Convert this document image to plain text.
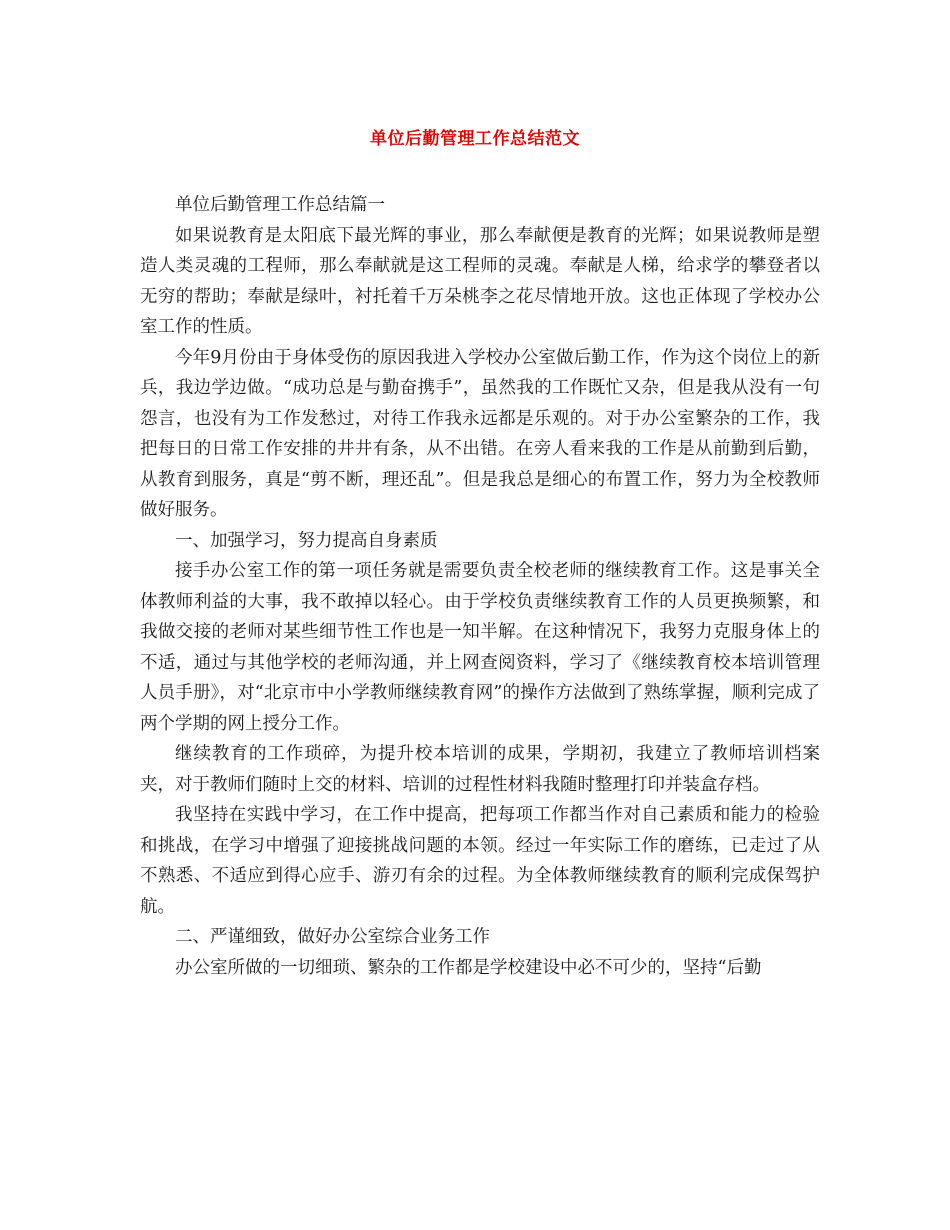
单位后勤管理工作总结范文

单位后勤管理工作总结篇一

如果说教育是太阳底下最光辉的事业，那么奉献便是教育的光辉；如果说教师是塑造人类灵魂的工程师，那么奉献就是这工程师的灵魂。奉献是人梯，给求学的攀登者以无穷的帮助；奉献是绿叶，衬托着千万朵桃李之花尽情地开放。这也正体现了学校办公室工作的性质。

今年9月份由于身体受伤的原因我进入学校办公室做后勤工作，作为这个岗位上的新兵，我边学边做。“成功总是与勤奋携手”，虽然我的工作既忙又杂，但是我从没有一句怨言，也没有为工作发愁过，对待工作我永远都是乐观的。对于办公室繁杂的工作，我把每日的日常工作安排的井井有条，从不出错。在旁人看来我的工作是从前勤到后勤，从教育到服务，真是“剪不断，理还乱”。但是我总是细心的布置工作，努力为全校教师做好服务。

一、加强学习，努力提高自身素质

接手办公室工作的第一项任务就是需要负责全校老师的继续教育工作。这是事关全体教师利益的大事，我不敢掉以轻心。由于学校负责继续教育工作的人员更换频繁，和我做交接的老师对某些细节性工作也是一知半解。在这种情况下，我努力克服身体上的不适，通过与其他学校的老师沟通，并上网查阅资料，学习了《继续教育校本培训管理人员手册》，对“北京市中小学教师继续教育网”的操作方法做到了熟练掌握，顺利完成了两个学期的网上授分工作。

继续教育的工作琐碎，为提升校本培训的成果，学期初，我建立了教师培训档案夹，对于教师们随时上交的材料、培训的过程性材料我随时整理打印并装盒存档。

我坚持在实践中学习，在工作中提高，把每项工作都当作对自己素质和能力的检验和挑战，在学习中增强了迎接挑战问题的本领。经过一年实际工作的磨练，已走过了从不熟悉、不适应到得心应手、游刃有余的过程。为全体教师继续教育的顺利完成保驾护航。

二、严谨细致，做好办公室综合业务工作

办公室所做的一切细琐、繁杂的工作都是学校建设中必不可少的，坚持“后勤
